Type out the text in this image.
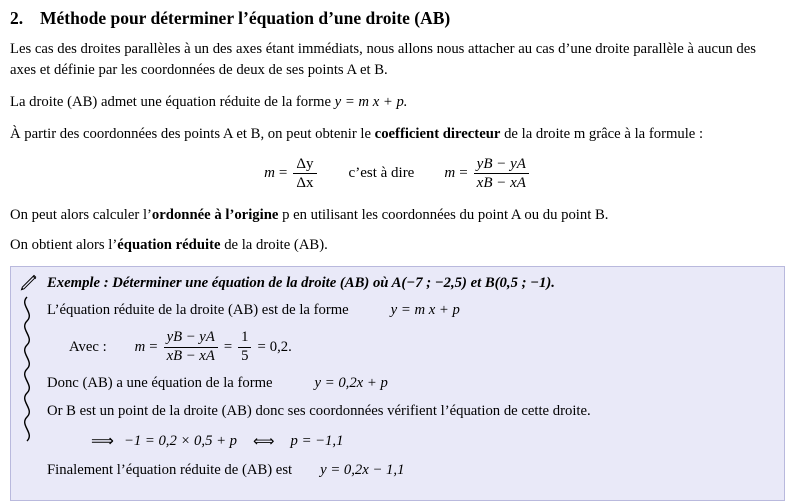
2. Méthode pour déterminer l’équation d’une droite (AB)

Les cas des droites parallèles à un des axes étant immédiats, nous allons nous attacher au cas d’une droite parallèle à aucun des axes et définie par les coordonnées de deux de ses points A et B.

La droite (AB) admet une équation réduite de la forme y = m x + p.

À partir des coordonnées des points A et B, on peut obtenir le coefficient directeur de la droite m grâce à la formule :

$m = \frac{\Delta y}{\Delta x}$ c’est à dire $m = \frac{yB - yA}{xB - xA}$

On peut alors calculer l’ordonnée à l’origine p en utilisant les coordonnées du point A ou du point B.

On obtient alors l’équation réduite de la droite (AB).

Exemple : Déterminer une équation de la droite (AB) où A(−7 ; −2,5) et B(0,5 ; −1).
L’équation réduite de la droite (AB) est de la forme	y = m x + p
Avec : $m = \frac{yB - yA}{xB - xA} = \frac{1}{5} = 0,2$.
Donc (AB) a une équation de la forme	y = 0,2x + p
Or B est un point de la droite (AB) donc ses coordonnées vérifient l’équation de cette droite.
⟹ −1 = 0,2 × 0,5 + p ⟺ p = −1,1
Finalement l’équation réduite de (AB) est y = 0,2x − 1,1
